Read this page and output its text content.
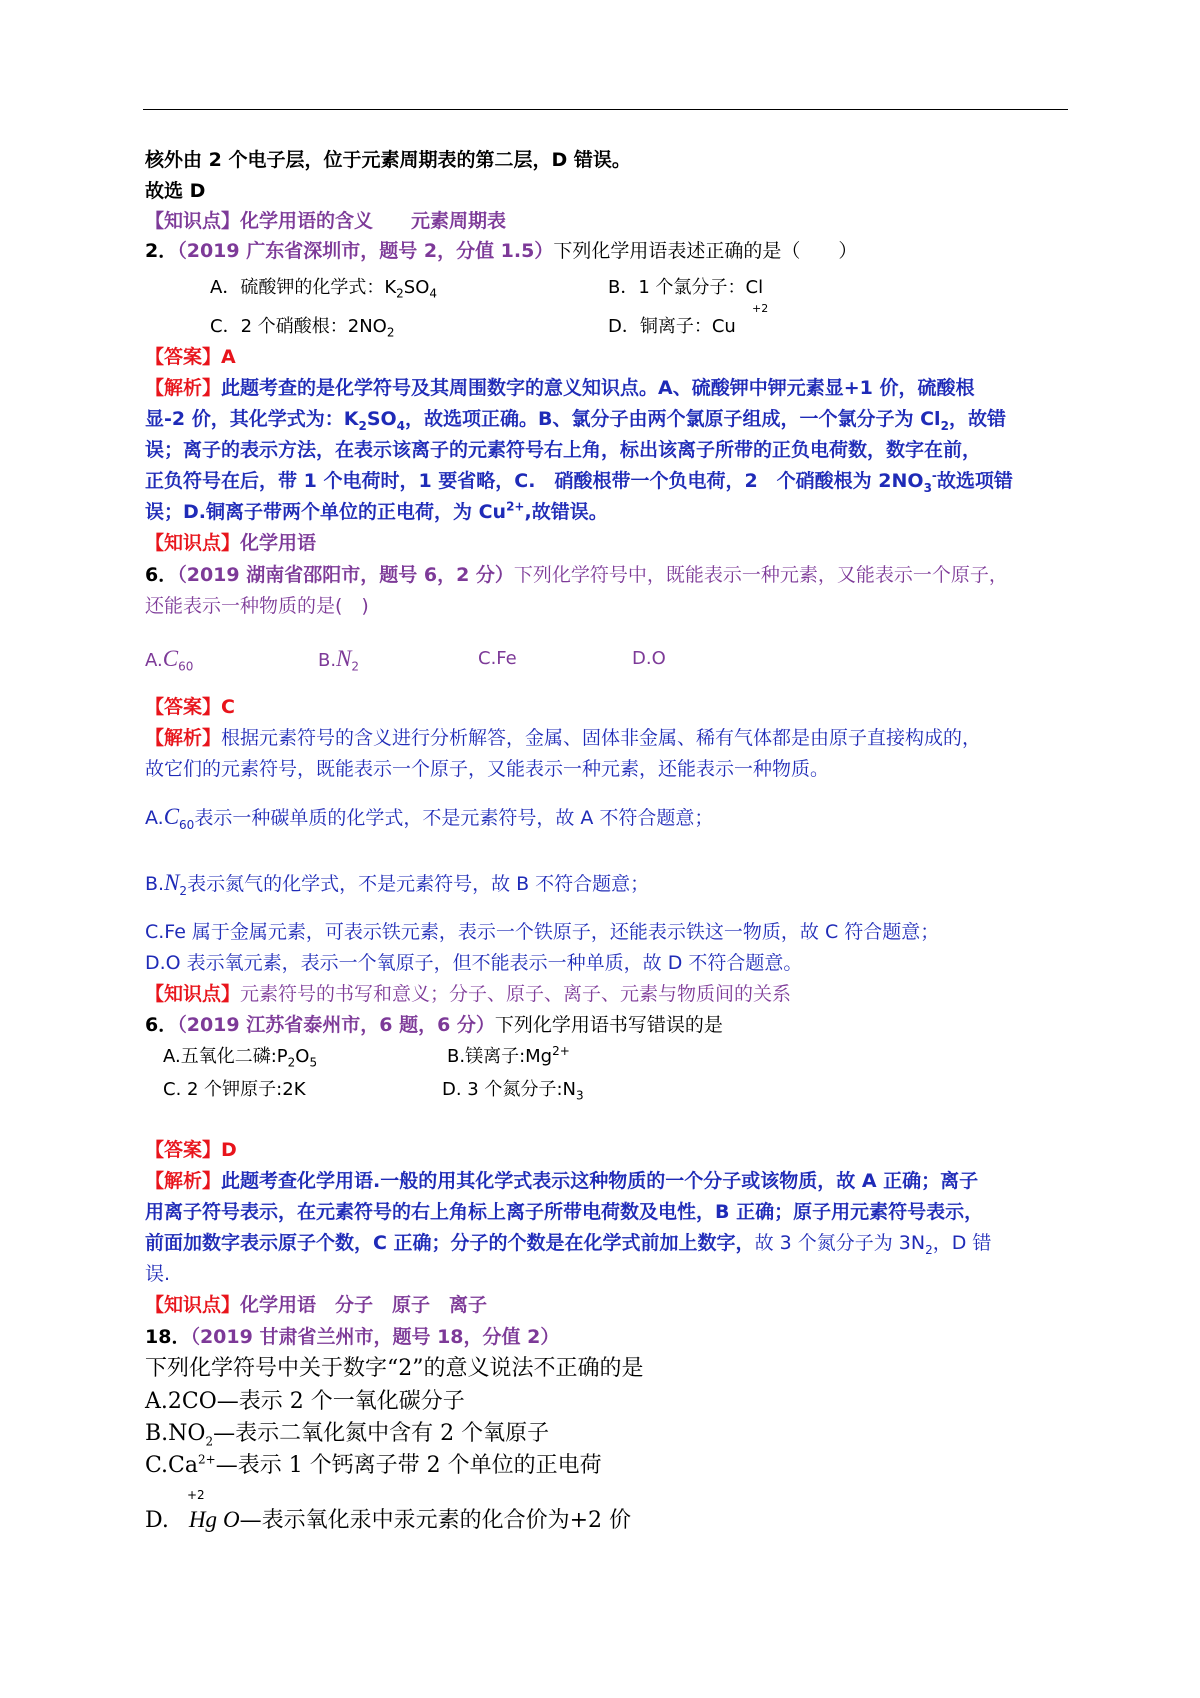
核外由 2 个电子层，位于元素周期表的第二层，D 错误。
故选 D
【知识点】化学用语的含义　　元素周期表
2．（2019 广东省深圳市，题号 2，分值 1.5）下列化学用语表述正确的是（　　）
A．硫酸钾的化学式：$K_2SO_4$	B．1 个氯分子：Cl
+2
C．2 个硝酸根：$2NO_2$	D．铜离子：Cu
【答案】A
【解析】此题考查的是化学符号及其周围数字的意义知识点。A、硫酸钾中钾元素显+1 价，硫酸根
显-2 价，其化学式为：$K_2SO_4$，故选项正确。B、氯分子由两个氯原子组成，一个氯分子为 $Cl_2$，故错
误；离子的表示方法，在表示该离子的元素符号右上角，标出该离子所带的正负电荷数，数字在前，
正负符号在后，带 1 个电荷时，1 要省略，C.　硝酸根带一个负电荷，2　个硝酸根为 $2NO_3^-$故选项错
误；D.铜离子带两个单位的正电荷，为 $Cu^{2+}$,故错误。
【知识点】化学用语
6．（2019 湖南省邵阳市，题号 6，2 分）下列化学符号中，既能表示一种元素，又能表示一个原子，
还能表示一种物质的是(　)
$A.C_{60}$	$B.N_2$	C.Fe	D.O
【答案】C
【解析】根据元素符号的含义进行分析解答，金属、固体非金属、稀有气体都是由原子直接构成的，
故它们的元素符号，既能表示一个原子，又能表示一种元素，还能表示一种物质。
$A.C_{60}$表示一种碳单质的化学式，不是元素符号，故 A 不符合题意；
$B.N_2$表示氮气的化学式，不是元素符号，故 B 不符合题意；
C.Fe 属于金属元素，可表示铁元素，表示一个铁原子，还能表示铁这一物质，故 C 符合题意；
D.O 表示氧元素，表示一个氧原子，但不能表示一种单质，故 D 不符合题意。
【知识点】元素符号的书写和意义；分子、原子、离子、元素与物质间的关系
6．（2019 江苏省泰州市，6 题，6 分）下列化学用语书写错误的是
A.五氧化二磷$:P_2O_5$	B.镁离子$:Mg^{2+}$
C. 2 个钾原子:2K	D. 3 个氮分子$:N_3$
【答案】D
【解析】此题考查化学用语.一般的用其化学式表示这种物质的一个分子或该物质，故 A 正确；离子
用离子符号表示，在元素符号的右上角标上离子所带电荷数及电性，B 正确；原子用元素符号表示，
前面加数字表示原子个数，C 正确；分子的个数是在化学式前加上数字，故 3 个氮分子为 $3N_2$，D 错
误.
【知识点】化学用语　分子　原子　离子
18．（2019 甘肃省兰州市，题号 18，分值 2）
下列化学符号中关于数字“2”的意义说法不正确的是
A.2CO—表示 2 个一氧化碳分子
$B.NO_2—$表示二氧化氮中含有 2 个氧原子
$C.Ca^{2+}—$表示 1 个钙离子带 2 个单位的正电荷
+2
D. Hg O—表示氧化汞中汞元素的化合价为+2 价
